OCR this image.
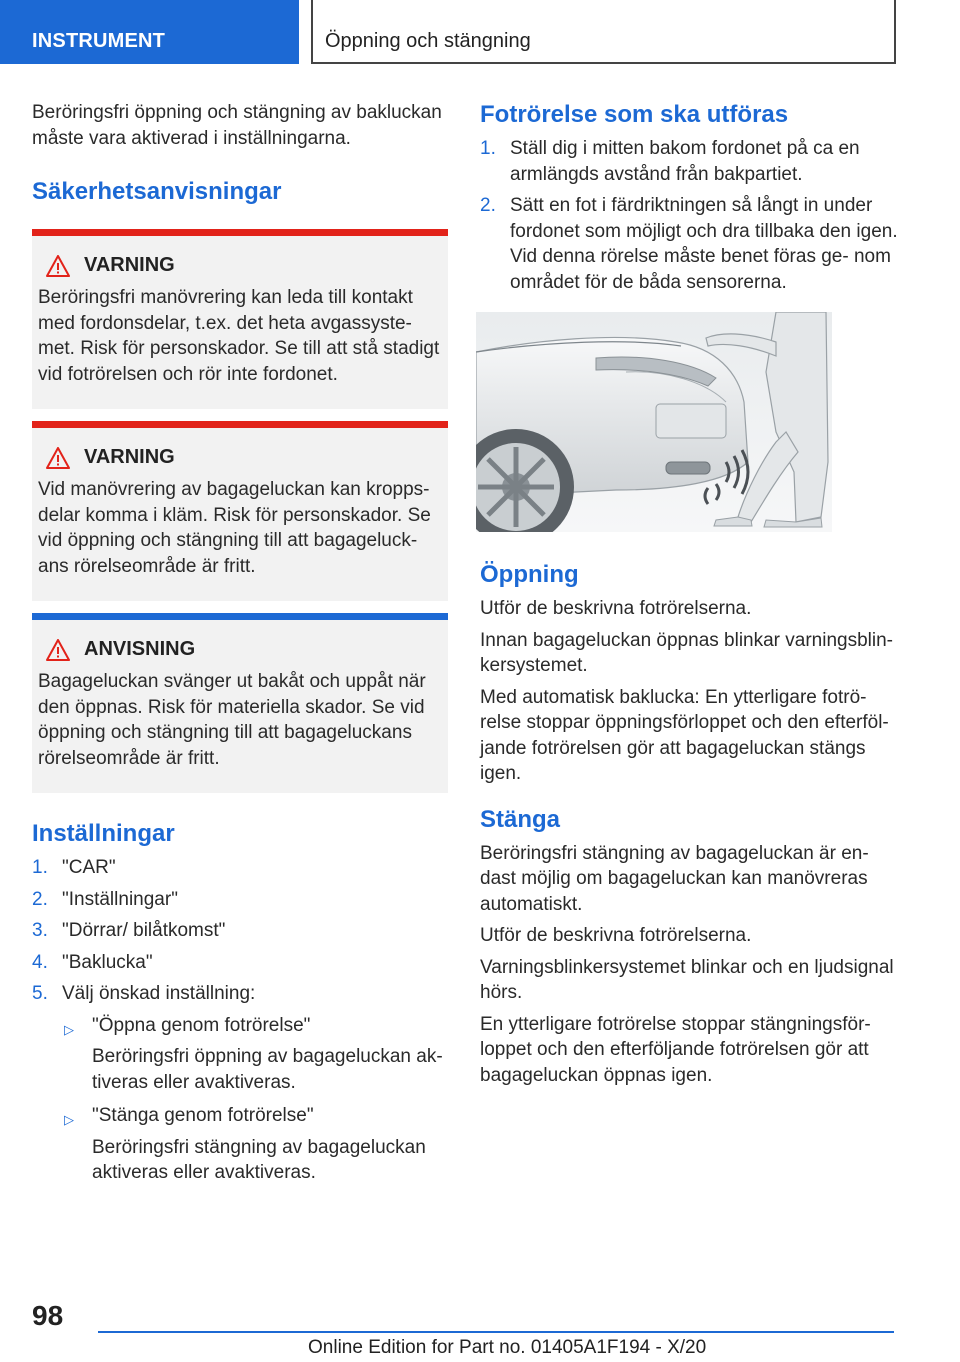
INSTRUMENT	Öppning och stängning

Beröringsfri öppning och stängning av bakluckan måste vara aktiverad i inställningarna.

Säkerhetsanvisningar
VARNING

Beröringsfri manövrering kan leda till kontakt med fordonsdelar, t.ex. det heta avgassyste- met. Risk för personskador. Se till att stå stadigt vid fotrörelsen och rör inte fordonet.

VARNING

Vid manövrering av bagageluckan kan kropps- delar komma i kläm. Risk för personskador. Se vid öppning och stängning till att bagageluck- ans rörelseområde är fritt.

ANVISNING

Bagageluckan svänger ut bakåt och uppåt när den öppnas. Risk för materiella skador. Se vid öppning och stängning till att bagageluckans rörelseområde är fritt.

Inställningar
1. "CAR"
2. "Inställningar"
3. "Dörrar/ bilåtkomst"
4. "Baklucka"
5. Välj önskad inställning:
▷ "Öppna genom fotrörelse"
Beröringsfri öppning av bagageluckan ak- tiveras eller avaktiveras.
▷ "Stänga genom fotrörelse"
Beröringsfri stängning av bagageluckan aktiveras eller avaktiveras.
Fotrörelse som ska utföras
1. Ställ dig i mitten bakom fordonet på ca en armlängds avstånd från bakpartiet.
2. Sätt en fot i färdriktningen så långt in under fordonet som möjligt och dra tillbaka den igen. Vid denna rörelse måste benet föras ge- nom området för de båda sensorerna.
Öppning

Utför de beskrivna fotrörelserna.

Innan bagageluckan öppnas blinkar varningsblin- kersystemet.

Med automatisk baklucka: En ytterligare fotrö- relse stoppar öppningsförloppet och den efterföl- jande fotrörelsen gör att bagageluckan stängs igen.

Stänga

Beröringsfri stängning av bagageluckan är en- dast möjlig om bagageluckan kan manövreras automatiskt.

Utför de beskrivna fotrörelserna.

Varningsblinkersystemet blinkar och en ljudsignal hörs.

En ytterligare fotrörelse stoppar stängningsför- loppet och den efterföljande fotrörelsen gör att bagageluckan öppnas igen.

98
Online Edition for Part no. 01405A1F194 - X/20
